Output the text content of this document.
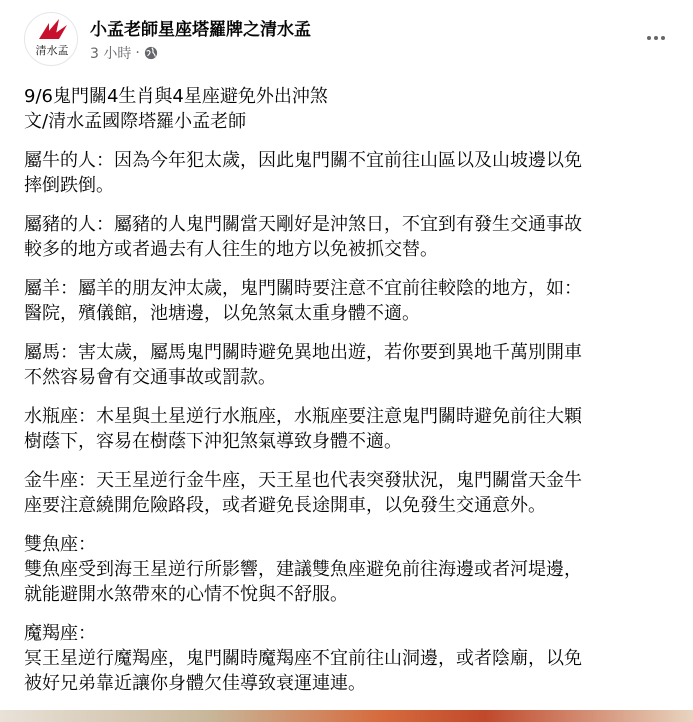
清水孟
小孟老師星座塔羅牌之清水孟
3 小時 ·
9/6鬼門關4生肖與4星座避免外出沖煞
文/清水孟國際塔羅小孟老師
屬牛的人：因為今年犯太歲，因此鬼門關不宜前往山區以及山坡邊以免
摔倒跌倒。
屬豬的人：屬豬的人鬼門關當天剛好是沖煞日，不宜到有發生交通事故
較多的地方或者過去有人往生的地方以免被抓交替。
屬羊：屬羊的朋友沖太歲，鬼門關時要注意不宜前往較陰的地方，如：
醫院，殯儀館，池塘邊，以免煞氣太重身體不適。
屬馬：害太歲，屬馬鬼門關時避免異地出遊，若你要到異地千萬別開車
不然容易會有交通事故或罰款。
水瓶座：木星與土星逆行水瓶座，水瓶座要注意鬼門關時避免前往大顆
樹蔭下，容易在樹蔭下沖犯煞氣導致身體不適。
金牛座：天王星逆行金牛座，天王星也代表突發狀況，鬼門關當天金牛
座要注意繞開危險路段，或者避免長途開車，以免發生交通意外。
雙魚座：
雙魚座受到海王星逆行所影響，建議雙魚座避免前往海邊或者河堤邊，
就能避開水煞帶來的心情不悅與不舒服。
魔羯座：
冥王星逆行魔羯座，鬼門關時魔羯座不宜前往山洞邊，或者陰廟，以免
被好兄弟靠近讓你身體欠佳導致衰運連連。
